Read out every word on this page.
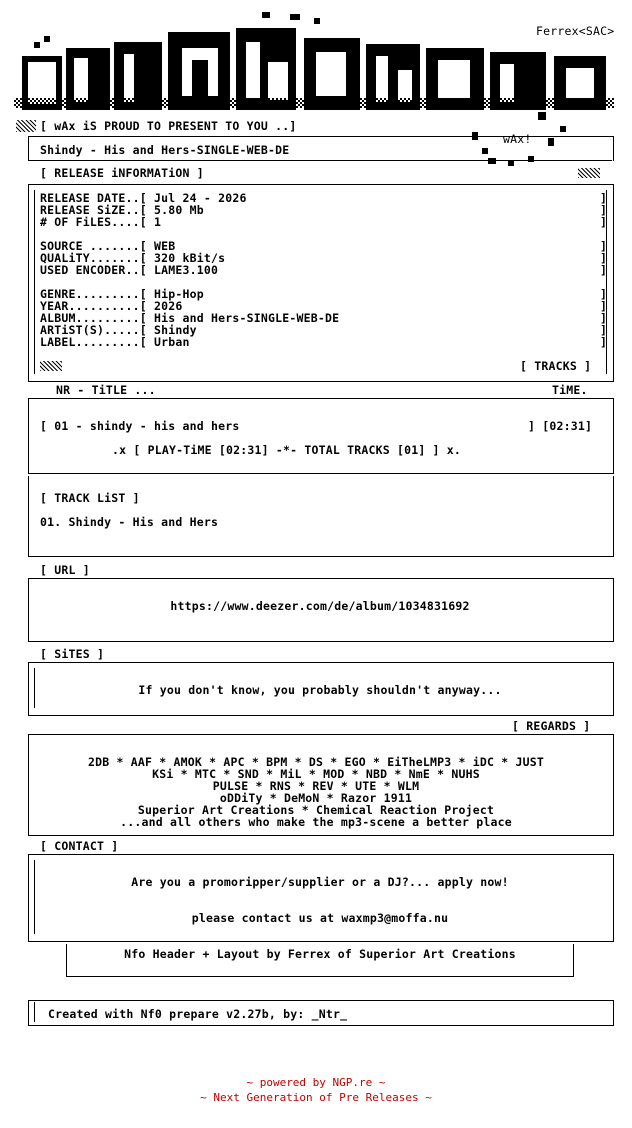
Ferrex<SAC>
[ wAx iS PROUD TO PRESENT TO YOU ..]
wAx!
Shindy - His and Hers-SINGLE-WEB-DE
[ RELEASE iNFORMATiON ]
RELEASE DATE..[ Jul 24 - 2026
RELEASE SiZE..[ 5.80 Mb
# OF FiLES....[ 1
SOURCE .......[ WEB
QUALiTY.......[ 320 kBit/s
USED ENCODER..[ LAME3.100
GENRE.........[ Hip-Hop
YEAR..........[ 2026
ALBUM.........[ His and Hers-SINGLE-WEB-DE
ARTiST(S).....[ Shindy
LABEL.........[ Urban
]
]
]

]
]
]

]
]
]
]
]
[ TRACKS ]
NR - TiTLE ...	TiME.
[ 01 - shindy - his and hers	] [02:31]
.x [ PLAY-TiME [02:31] -*- TOTAL TRACKS [01] ] x.
[ TRACK LiST ]
01. Shindy - His and Hers
[ URL ]
https://www.deezer.com/de/album/1034831692
[ SiTES ]
If you don't know, you probably shouldn't anyway...
[ REGARDS ]
2DB * AAF * AMOK * APC * BPM * DS * EGO * EiTheLMP3 * iDC * JUST
KSi * MTC * SND * MiL * MOD * NBD * NmE * NUHS
PULSE * RNS * REV * UTE * WLM
oDDiTy * DeMoN * Razor 1911
Superior Art Creations * Chemical Reaction Project
...and all others who make the mp3-scene a better place
[ CONTACT ]
Are you a promoripper/supplier or a DJ?... apply now!
please contact us at waxmp3@moffa.nu
Nfo Header + Layout by Ferrex of Superior Art Creations
Created with Nf0 prepare v2.27b, by: _Ntr_
~ powered by NGP.re ~
~ Next Generation of Pre Releases ~
